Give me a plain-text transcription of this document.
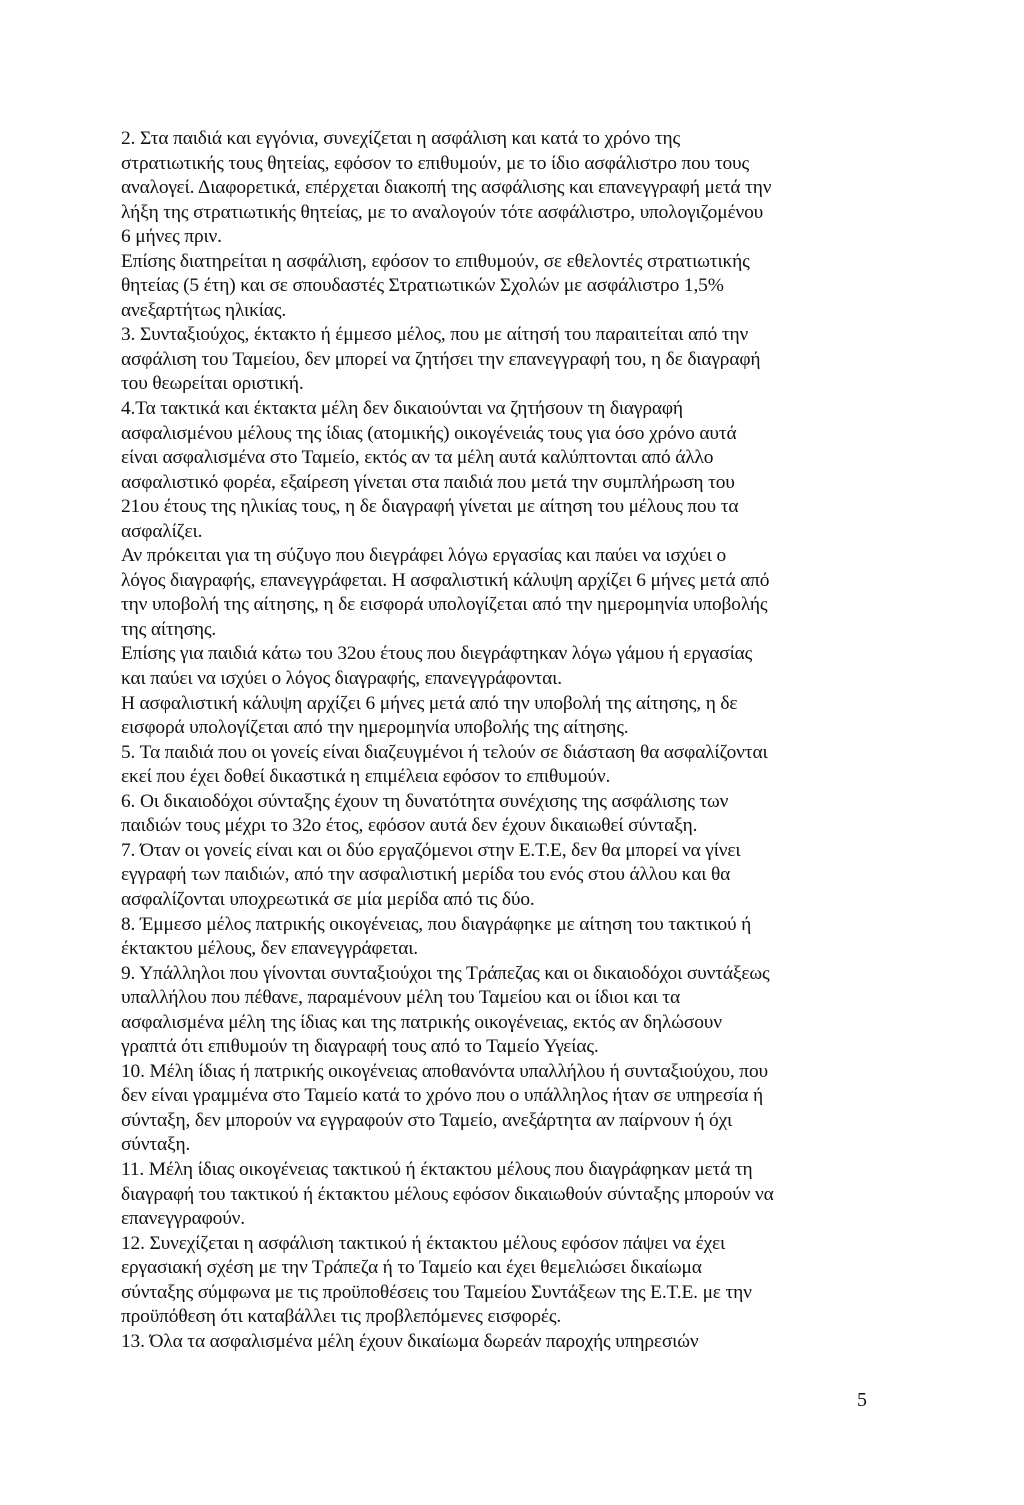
2. Στα παιδιά και εγγόνια, συνεχίζεται η ασφάλιση και κατά το χρόνο της
στρατιωτικής τους θητείας, εφόσον το επιθυμούν, με το ίδιο ασφάλιστρο που τους
αναλογεί. Διαφορετικά, επέρχεται διακοπή της ασφάλισης και επανεγγραφή μετά την
λήξη της στρατιωτικής θητείας, με το αναλογούν τότε ασφάλιστρο, υπολογιζομένου
6 μήνες πριν.
Επίσης διατηρείται η ασφάλιση, εφόσον το επιθυμούν, σε εθελοντές στρατιωτικής
θητείας (5 έτη) και σε σπουδαστές Στρατιωτικών Σχολών με ασφάλιστρο 1,5%
ανεξαρτήτως ηλικίας.
3. Συνταξιούχος, έκτακτο ή έμμεσο μέλος, που με αίτησή του παραιτείται από την
ασφάλιση του Ταμείου, δεν μπορεί να ζητήσει την επανεγγραφή του, η δε διαγραφή
του θεωρείται οριστική.
4.Τα τακτικά και έκτακτα μέλη δεν δικαιούνται να ζητήσουν τη διαγραφή
ασφαλισμένου μέλους της ίδιας (ατομικής) οικογένειάς τους για όσο χρόνο αυτά
είναι ασφαλισμένα στο Ταμείο, εκτός αν τα μέλη αυτά καλύπτονται από άλλο
ασφαλιστικό φορέα, εξαίρεση γίνεται στα παιδιά που μετά την συμπλήρωση του
21ου έτους της ηλικίας τους, η δε διαγραφή γίνεται με αίτηση του μέλους που τα
ασφαλίζει.
Αν πρόκειται για τη σύζυγο που διεγράφει λόγω εργασίας και παύει να ισχύει ο
λόγος διαγραφής, επανεγγράφεται. Η ασφαλιστική κάλυψη αρχίζει 6 μήνες μετά από
την υποβολή της αίτησης, η δε εισφορά υπολογίζεται από την ημερομηνία υποβολής
της αίτησης.
Επίσης για παιδιά κάτω του 32ου έτους που διεγράφτηκαν λόγω γάμου ή εργασίας
και παύει να ισχύει ο λόγος διαγραφής, επανεγγράφονται.
Η ασφαλιστική κάλυψη αρχίζει 6 μήνες μετά από την υποβολή της αίτησης, η δε
εισφορά υπολογίζεται από την ημερομηνία υποβολής της αίτησης.
5. Τα παιδιά που οι γονείς είναι διαζευγμένοι ή τελούν σε διάσταση θα ασφαλίζονται
εκεί που έχει δοθεί δικαστικά η επιμέλεια εφόσον το επιθυμούν.
6. Οι δικαιοδόχοι σύνταξης έχουν τη δυνατότητα συνέχισης της ασφάλισης των
παιδιών τους μέχρι το 32ο έτος, εφόσον αυτά δεν έχουν δικαιωθεί σύνταξη.
7. Όταν οι γονείς είναι και οι δύο εργαζόμενοι στην Ε.Τ.Ε, δεν θα μπορεί να γίνει
εγγραφή των παιδιών, από την ασφαλιστική μερίδα του ενός στου άλλου και θα
ασφαλίζονται υποχρεωτικά σε μία μερίδα από τις δύο.
8. Έμμεσο μέλος πατρικής οικογένειας, που διαγράφηκε με αίτηση του τακτικού ή
έκτακτου μέλους, δεν επανεγγράφεται.
9. Υπάλληλοι που γίνονται συνταξιούχοι της Τράπεζας και οι δικαιοδόχοι συντάξεως
υπαλλήλου που πέθανε, παραμένουν μέλη του Ταμείου και οι ίδιοι και τα
ασφαλισμένα μέλη της ίδιας και της πατρικής οικογένειας, εκτός αν δηλώσουν
γραπτά ότι επιθυμούν τη διαγραφή τους από το Ταμείο Υγείας.
10. Μέλη ίδιας ή πατρικής οικογένειας αποθανόντα υπαλλήλου ή συνταξιούχου, που
δεν είναι γραμμένα στο Ταμείο κατά το χρόνο που ο υπάλληλος ήταν σε υπηρεσία ή
σύνταξη, δεν μπορούν να εγγραφούν στο Ταμείο, ανεξάρτητα αν παίρνουν ή όχι
σύνταξη.
11. Μέλη ίδιας οικογένειας τακτικού ή έκτακτου μέλους που διαγράφηκαν μετά τη
διαγραφή του τακτικού ή έκτακτου μέλους εφόσον δικαιωθούν σύνταξης μπορούν να
επανεγγραφούν.
12. Συνεχίζεται η ασφάλιση τακτικού ή έκτακτου μέλους εφόσον πάψει να έχει
εργασιακή σχέση με την Τράπεζα ή το Ταμείο και έχει θεμελιώσει δικαίωμα
σύνταξης σύμφωνα με τις προϋποθέσεις του Ταμείου Συντάξεων της Ε.Τ.Ε. με την
προϋπόθεση ότι καταβάλλει τις προβλεπόμενες εισφορές.
13. Όλα τα ασφαλισμένα μέλη έχουν δικαίωμα δωρεάν παροχής υπηρεσιών
5
